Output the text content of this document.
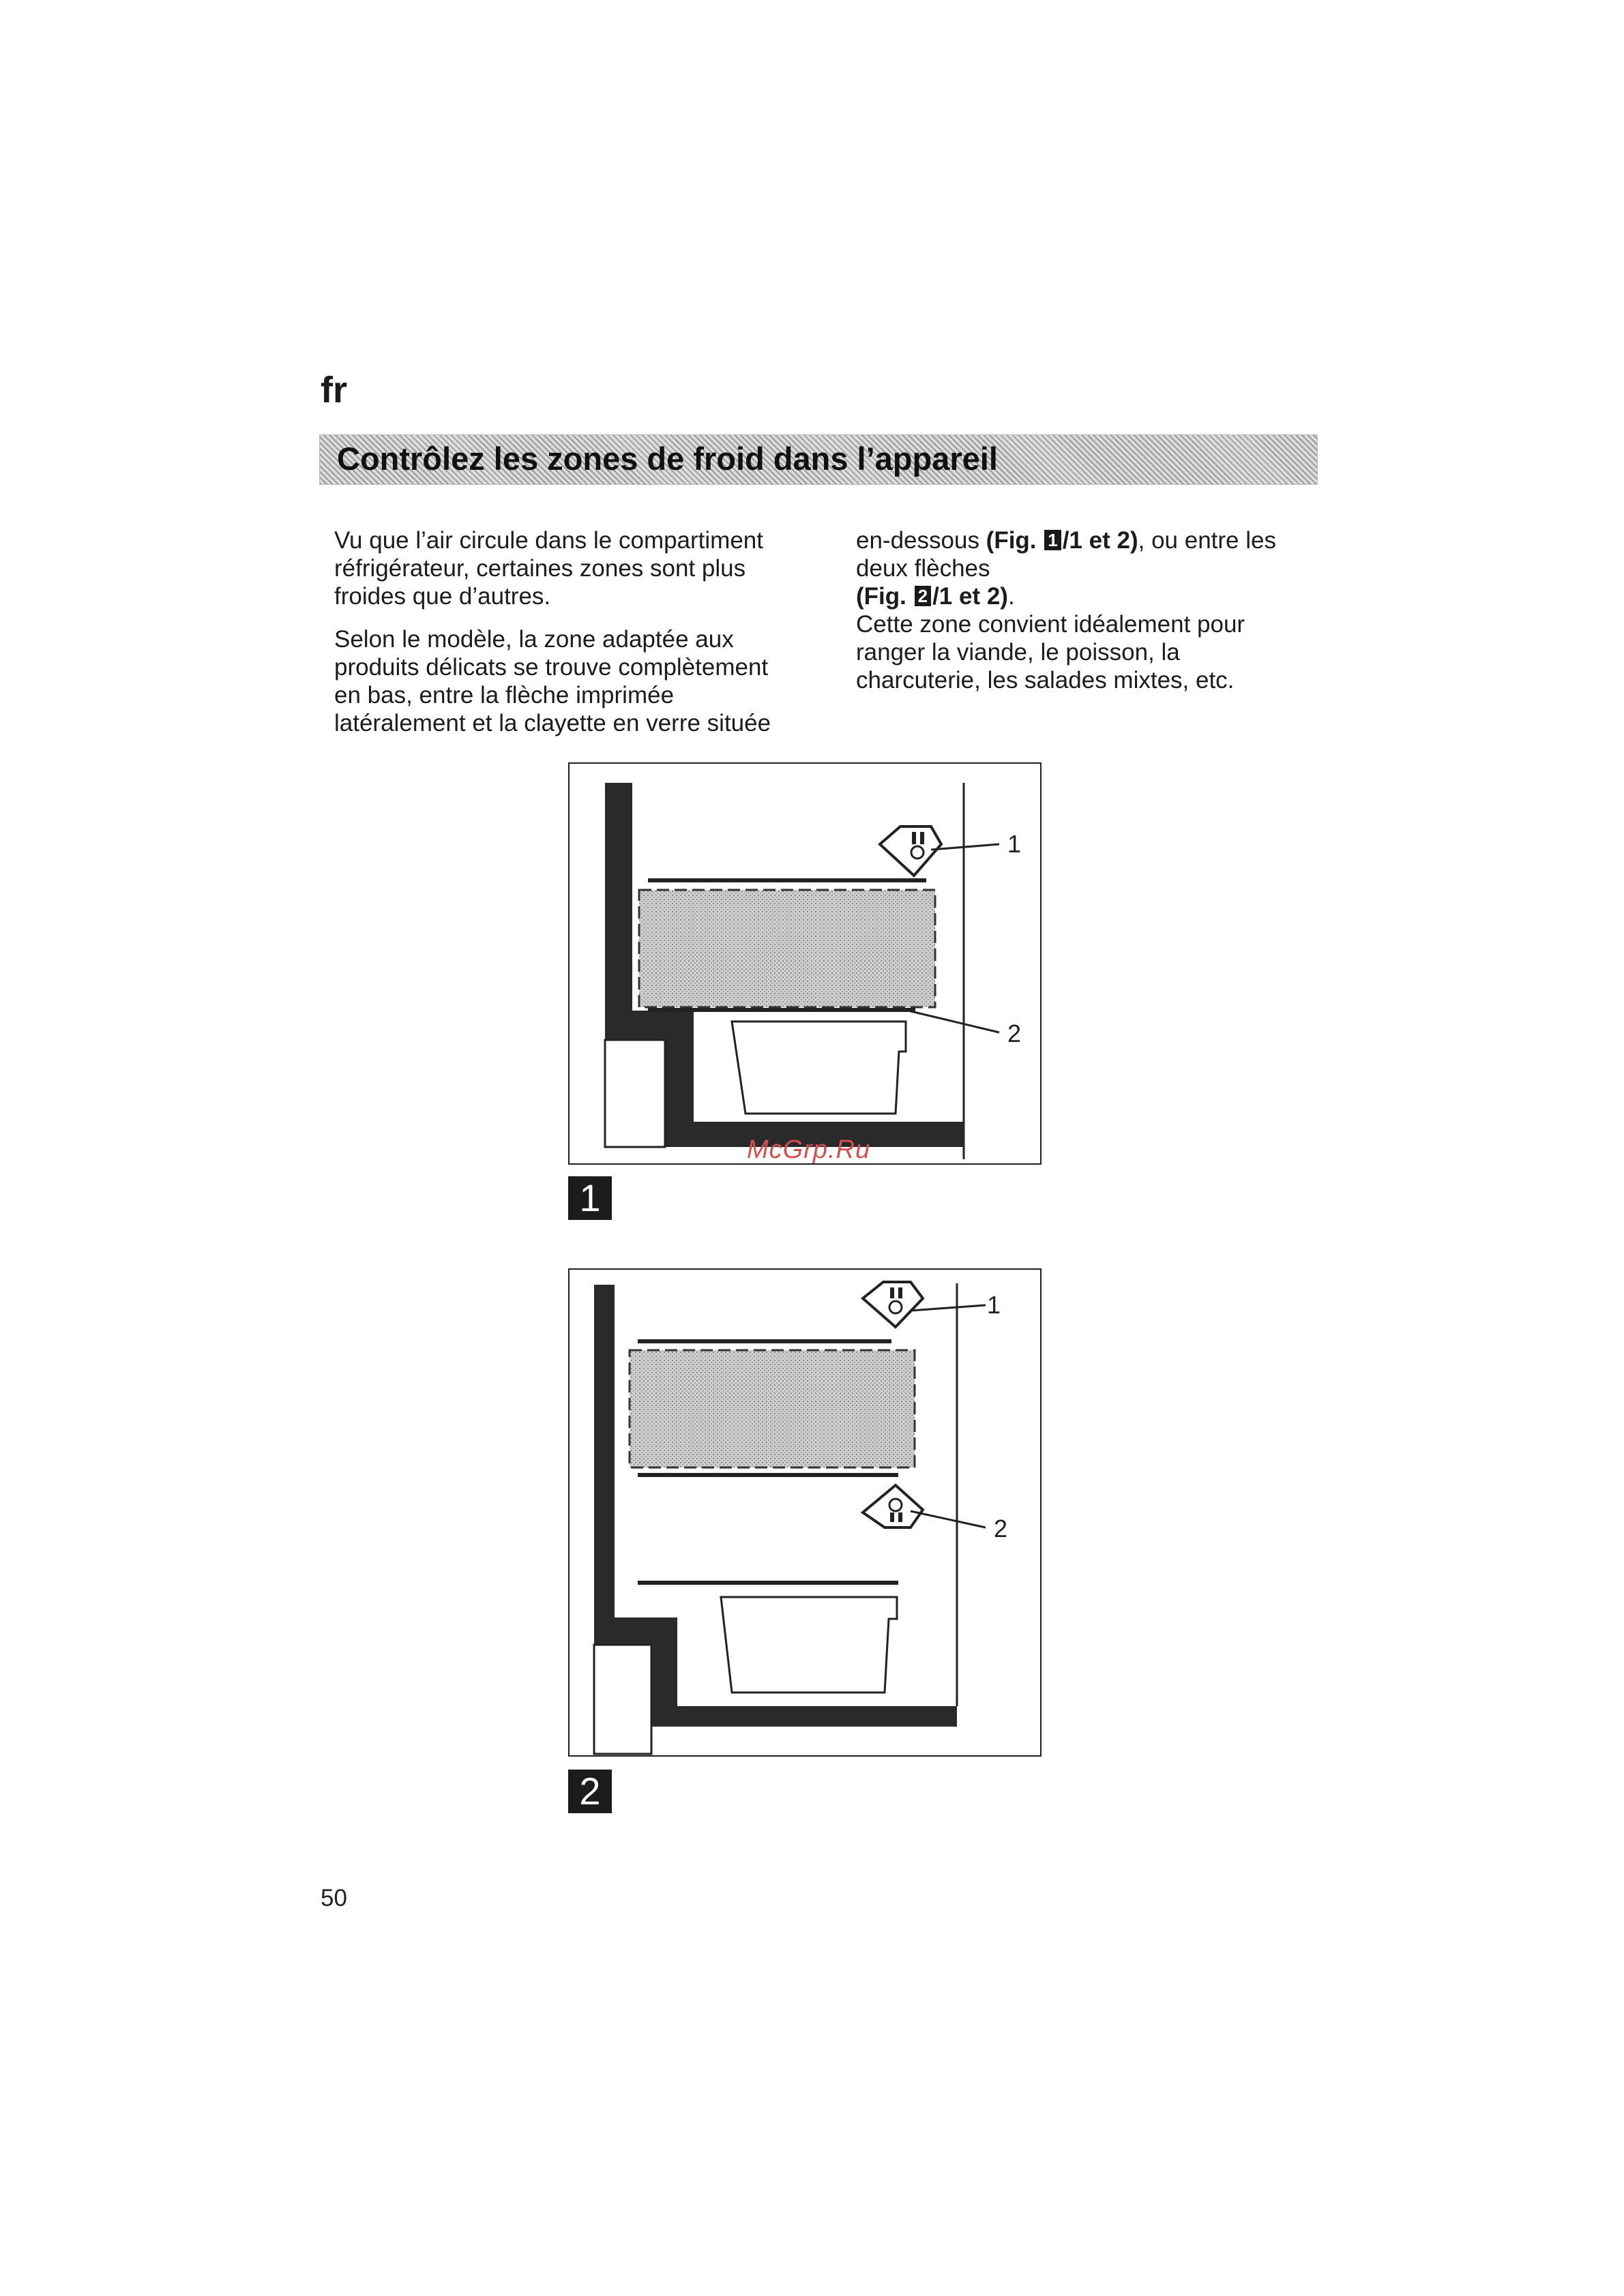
fr
Contrôlez les zones de froid dans l’appareil

Vu que l’air circule dans le compartiment
réfrigérateur, certaines zones sont plus
froides que d’autres.

Selon le modèle, la zone adaptée aux
produits délicats se trouve complètement
en bas, entre la flèche imprimée
latéralement et la clayette en verre située

en-dessous (Fig. 1 /1 et 2), ou entre les
deux flèches
(Fig. 2 /1 et 2).
Cette zone convient idéalement pour
ranger la viande, le poisson, la
charcuterie, les salades mixtes, etc.
1
2
1
McGrp.Ru
1
2
2
50
